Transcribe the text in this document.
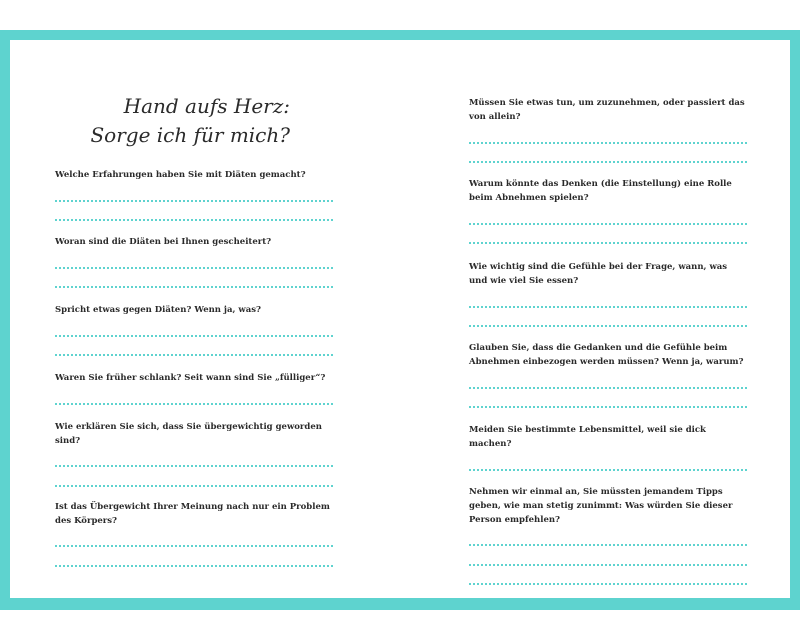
Hand aufs Herz:
Sorge ich für mich?

Welche Erfahrungen haben Sie mit Diäten gemacht?

Woran sind die Diäten bei Ihnen gescheitert?

Spricht etwas gegen Diäten? Wenn ja, was?

Waren Sie früher schlank? Seit wann sind Sie „fülliger“?

Wie erklären Sie sich, dass Sie übergewichtig geworden sind?

Ist das Übergewicht Ihrer Meinung nach nur ein Problem des Körpers?

Müssen Sie etwas tun, um zuzunehmen, oder passiert das von allein?

Warum könnte das Denken (die Einstellung) eine Rolle beim Abnehmen spielen?

Wie wichtig sind die Gefühle bei der Frage, wann, was und wie viel Sie essen?

Glauben Sie, dass die Gedanken und die Gefühle beim Abnehmen einbezogen werden müssen? Wenn ja, warum?

Meiden Sie bestimmte Lebensmittel, weil sie dick machen?

Nehmen wir einmal an, Sie müssten jemandem Tipps geben, wie man stetig zunimmt: Was würden Sie dieser Person empfehlen?
